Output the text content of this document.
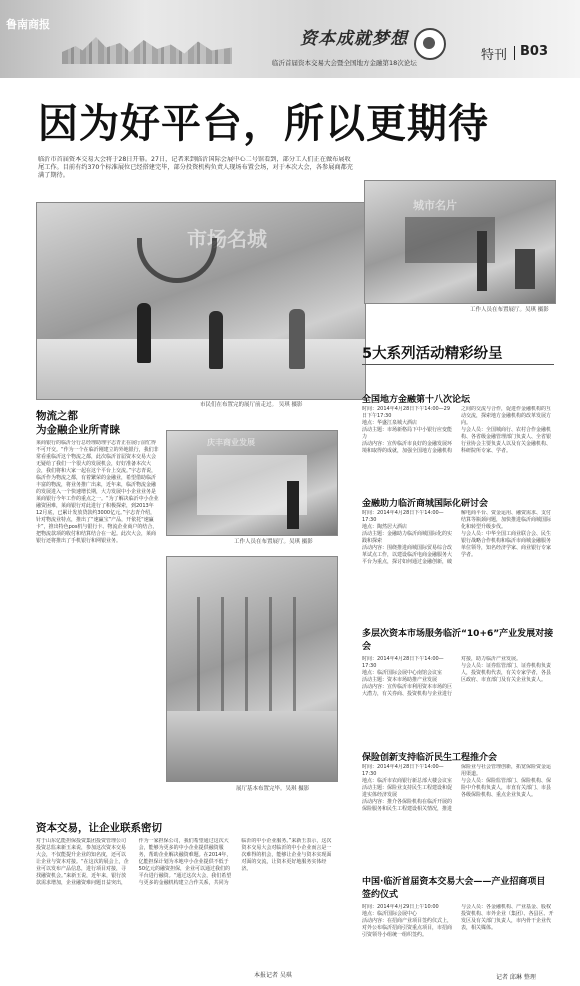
鲁南商报
资本成就梦想
临沂首届资本交易大会暨全国地方金融第18次论坛	特刊 B03
因为好平台，所以更期待
临沂市首届资本交易大会将于28日开幕。27日，记者来到临沂国际会展中心二号馆看到，部分工人们正在做布展收尾工作。目前有约370个标准展位已经搭建完毕，部分投资机构负责人现场布置会场，对于本次大会，各参展商都充满了期待。
市场名城
市民们在布置完的展厅前走过。 吴琪 摄影
城市名片
工作人员在布置展厅。吴琪 摄影
物流之都
为金融企业所青睐
莱商银行的临沂分行总经理助理宇志青正在展厅前忙得不可开交。“作为一个在临沂刚建立的外地银行，我们非常看重临沂这个物流之都，此次临沂首届资本交易大会无疑给了我们一个很大的发展机会，好好准备本次大会，我们将和大家一起在这个平台上交流。”宇志青说，临沂作为物流之都，有着繁荣的金融业，希望借助临沂丰富的物流，将业务推广出来，近年来，临沂物流金融的发展进入一个快速增长期，大力发展中小企业业务是莱商银行今年工作的重点之一。“为了解决临沂中小企业融资困难，莱商银行对此进行了积极探索，到2013年12月底，已累计发放贷款约3000亿元。”宇志青介绍，针对物流业特点，推出了“速赢宝”产品，开依托“速赢卡”，推出特色pos机与银行卡、物流企业商户的结合，把物流款项的收付和结算结合在一起。此次大会，莱商银行还将推出了手机银行和网银业务。
庆丰商业发展
工作人员在布置展厅。吴琪 摄影
展厅基本布置完毕。吴琪 摄影
资本交易，让企业联系密切
对于山东亿能担保投资集团投资管理公司投资总监来新玉来说，参加这次资本交易大会，不仅能提升企业的知名度，还可以让企业与资本对接。“在这次的展会上，企业可以发布产品信息，进行项目对接，寻找融资机会。”来新玉说，近年来，银行放款需求增加，企业融资难问题日益突出，作为一家担保公司，我们希望通过这次大会，能够为更多的中小企业提供融资服务，帮助企业解决融资难题。在2014年，亿能担保计划为本地中小企业提供不低于50亿元的融资担保，企业可以通过我们的平台进行融资。“通过这次大会，我们希望与更多的金融机构建立合作关系，共同为临沂的中小企业服务。”来新玉表示，这次资本交易大会对临沂的中小企业而言是一次难得的机会，能够让企业与资本实现面对面的交流，让资本更好地服务实体经济。
本报记者 吴琪
5大系列活动精彩纷呈
全国地方金融第十八次论坛
时间：2014年4月28日下午14:00—29日下午17:30
地点：华盛江泉城大酒店
活动主题：市场新格局下中小银行应变能力
活动内容：宣传临沂市良好的金融发展环境和取得的成就，加强全国地方金融机构之间的交流与合作，促进作金融机构的互动交流，探索地方金融机构的改革发展方向。
与会人员：全国城商行、农村合作金融机构、各省级金融管理部门负责人、全省银行业协会主要负责人以及有关金融机构、科研院所专家、学者。
金融助力临沂商城国际化研讨会
时间：2014年4月28日下午14:00—17:30
地点：陶然居大酒店
活动主题：金融助力临沂商城国际化的实践和探索
活动内容：围绕推进商城国际贸易综合改革试点工作，以建设临沂电商金融服务大平台为重点，探讨如何通过金融创新，破解电商平台、资金运用、融资需求、支付结算等瓶颈问题，加快推进临沂商城国际化和转型升级步伐。
与会人员：中华全国工商业联合会、民生银行战略合作机构和临沂市商城金融服务单位领导，知名经济学家、商业银行专家学者。
多层次资本市场服务临沂“10+6”产业发展对接会
时间：2014年4月28日下午14:00—17:30
地点：临沂国际会展中心南馆会议室
活动主题：资本市场助推产业发展
活动内容：宣传临沂市利用资本市场的巨大潜力，有关券商、投资机构与企业进行对接，助力临沂产业发展。
与会人员：证券监管部门、证券机构负责人，投资机构代表，有关专家学者，各县区政府、市直部门及有关企业负责人。
保险创新支持临沂民生工程推介会
时间：2014年4月28日下午14:00—17:30
地点：临沂市农商银行新总部大楼会议室
活动主题：保险业支持民生工程建设和促进实体经济发展
活动内容：推介各保险机构在临沂开展的保险服务和民生工程建设相关情况，推进保险业与社会管理创新，拓宽保险资金运用渠道。
与会人员：保险监管部门、保险机构、保险中介机构负责人，市直有关部门、市县各级保险机构、重点企业负责人。
中国·临沂首届资本交易大会——产业招商项目签约仪式
时间：2014年4月29日上午10:00
地点：临沂国际会展中心
活动内容：在招商产业项目签约仪式上，对外公布临沂招商引资重点项目，市招商引资领导小组统一组织签约。
与会人员：各金融机构、产业基金、股权投资机构、市外企业（集团）、各县区、开发区及有关部门负责人，市内骨干企业代表，相关媒体。
记者 邱琳 整理
